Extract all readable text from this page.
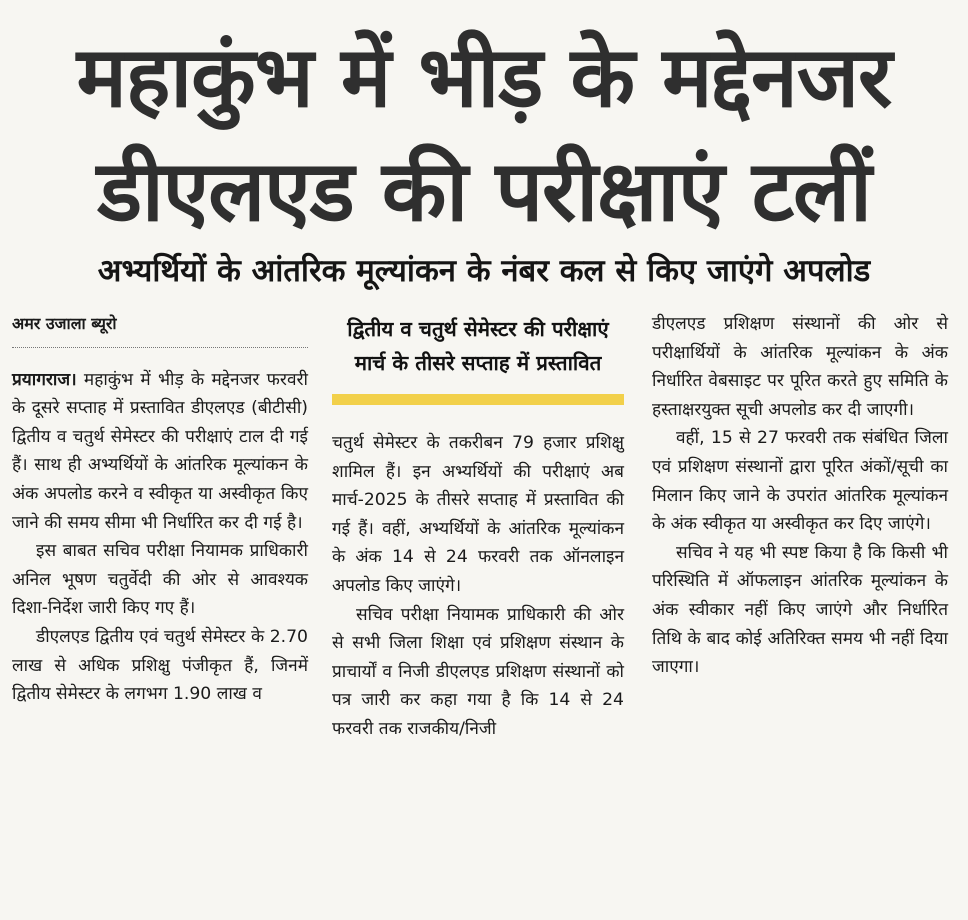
महाकुंभ में भीड़ के मद्देनजर
डीएलएड की परीक्षाएं टलीं
अभ्यर्थियों के आंतरिक मूल्यांकन के नंबर कल से किए जाएंगे अपलोड
अमर उजाला ब्यूरो

प्रयागराज। महाकुंभ में भीड़ के मद्देनजर फरवरी के दूसरे सप्ताह में प्रस्तावित डीएलएड (बीटीसी) द्वितीय व चतुर्थ सेमेस्टर की परीक्षाएं टाल दी गई हैं। साथ ही अभ्यर्थियों के आंतरिक मूल्यांकन के अंक अपलोड करने व स्वीकृत या अस्वीकृत किए जाने की समय सीमा भी निर्धारित कर दी गई है।

इस बाबत सचिव परीक्षा नियामक प्राधिकारी अनिल भूषण चतुर्वेदी की ओर से आवश्यक दिशा-निर्देश जारी किए गए हैं।

डीएलएड द्वितीय एवं चतुर्थ सेमेस्टर के 2.70 लाख से अधिक प्रशिक्षु पंजीकृत हैं, जिनमें द्वितीय सेमेस्टर के लगभग 1.90 लाख व

द्वितीय व चतुर्थ सेमेस्टर की परीक्षाएं मार्च के तीसरे सप्ताह में प्रस्तावित

चतुर्थ सेमेस्टर के तकरीबन 79 हजार प्रशिक्षु शामिल हैं। इन अभ्यर्थियों की परीक्षाएं अब मार्च-2025 के तीसरे सप्ताह में प्रस्तावित की गई हैं। वहीं, अभ्यर्थियों के आंतरिक मूल्यांकन के अंक 14 से 24 फरवरी तक ऑनलाइन अपलोड किए जाएंगे।

सचिव परीक्षा नियामक प्राधिकारी की ओर से सभी जिला शिक्षा एवं प्रशिक्षण संस्थान के प्राचार्यों व निजी डीएलएड प्रशिक्षण संस्थानों को पत्र जारी कर कहा गया है कि 14 से 24 फरवरी तक राजकीय/निजी

डीएलएड प्रशिक्षण संस्थानों की ओर से परीक्षार्थियों के आंतरिक मूल्यांकन के अंक निर्धारित वेबसाइट पर पूरित करते हुए समिति के हस्ताक्षरयुक्त सूची अपलोड कर दी जाएगी।

वहीं, 15 से 27 फरवरी तक संबंधित जिला एवं प्रशिक्षण संस्थानों द्वारा पूरित अंकों/सूची का मिलान किए जाने के उपरांत आंतरिक मूल्यांकन के अंक स्वीकृत या अस्वीकृत कर दिए जाएंगे।

सचिव ने यह भी स्पष्ट किया है कि किसी भी परिस्थिति में ऑफलाइन आंतरिक मूल्यांकन के अंक स्वीकार नहीं किए जाएंगे और निर्धारित तिथि के बाद कोई अतिरिक्त समय भी नहीं दिया जाएगा।
